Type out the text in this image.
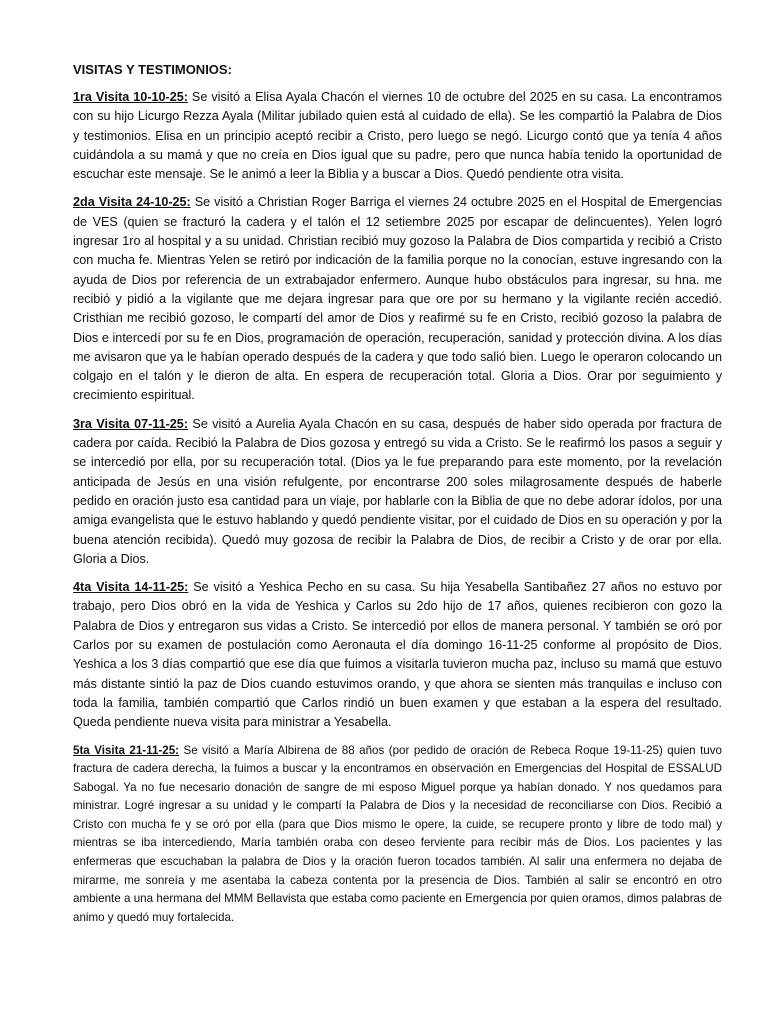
VISITAS Y TESTIMONIOS:

1ra Visita 10-10-25: Se visitó a Elisa Ayala Chacón el viernes 10 de octubre del 2025 en su casa. La encontramos con su hijo Licurgo Rezza Ayala (Militar jubilado quien está al cuidado de ella). Se les compartió la Palabra de Dios y testimonios. Elisa en un principio aceptó recibir a Cristo, pero luego se negó. Licurgo contó que ya tenía 4 años cuidándola a su mamá y que no creía en Dios igual que su padre, pero que nunca había tenido la oportunidad de escuchar este mensaje. Se le animó a leer la Biblia y a buscar a Dios. Quedó pendiente otra visita.

2da Visita 24-10-25: Se visitó a Christian Roger Barriga el viernes 24 octubre 2025 en el Hospital de Emergencias de VES (quien se fracturó la cadera y el talón el 12 setiembre 2025 por escapar de delincuentes). Yelen logró ingresar 1ro al hospital y a su unidad. Christian recibió muy gozoso la Palabra de Dios compartida y recibió a Cristo con mucha fe. Mientras Yelen se retiró por indicación de la familia porque no la conocían, estuve ingresando con la ayuda de Dios por referencia de un extrabajador enfermero. Aunque hubo obstáculos para ingresar, su hna. me recibió y pidió a la vigilante que me dejara ingresar para que ore por su hermano y la vigilante recién accedió. Cristhian me recibió gozoso, le compartí del amor de Dios y reafirmé su fe en Cristo, recibió gozoso la palabra de Dios e intercedí por su fe en Dios, programación de operación, recuperación, sanidad y protección divina. A los días me avisaron que ya le habían operado después de la cadera y que todo salió bien. Luego le operaron colocando un colgajo en el talón y le dieron de alta. En espera de recuperación total. Gloria a Dios. Orar por seguimiento y crecimiento espiritual.

3ra Visita 07-11-25: Se visitó a Aurelia Ayala Chacón en su casa, después de haber sido operada por fractura de cadera por caída. Recibió la Palabra de Dios gozosa y entregó su vida a Cristo. Se le reafirmó los pasos a seguir y se intercedió por ella, por su recuperación total. (Dios ya le fue preparando para este momento, por la revelación anticipada de Jesús en una visión refulgente, por encontrarse 200 soles milagrosamente después de haberle pedido en oración justo esa cantidad para un viaje, por hablarle con la Biblia de que no debe adorar ídolos, por una amiga evangelista que le estuvo hablando y quedó pendiente visitar, por el cuidado de Dios en su operación y por la buena atención recibida). Quedó muy gozosa de recibir la Palabra de Dios, de recibir a Cristo y de orar por ella. Gloria a Dios.

4ta Visita 14-11-25: Se visitó a Yeshica Pecho en su casa. Su hija Yesabella Santibañez 27 años no estuvo por trabajo, pero Dios obró en la vida de Yeshica y Carlos su 2do hijo de 17 años, quienes recibieron con gozo la Palabra de Dios y entregaron sus vidas a Cristo. Se intercedió por ellos de manera personal. Y también se oró por Carlos por su examen de postulación como Aeronauta el día domingo 16-11-25 conforme al propósito de Dios. Yeshica a los 3 días compartió que ese día que fuimos a visitarla tuvieron mucha paz, incluso su mamá que estuvo más distante sintió la paz de Dios cuando estuvimos orando, y que ahora se sienten más tranquilas e incluso con toda la familia, también compartió que Carlos rindió un buen examen y que estaban a la espera del resultado. Queda pendiente nueva visita para ministrar a Yesabella.

5ta Visita 21-11-25: Se visitó a María Albirena de 88 años (por pedido de oración de Rebeca Roque 19-11-25) quien tuvo fractura de cadera derecha, la fuimos a buscar y la encontramos en observación en Emergencias del Hospital de ESSALUD Sabogal. Ya no fue necesario donación de sangre de mi esposo Miguel porque ya habían donado. Y nos quedamos para ministrar. Logré ingresar a su unidad y le compartí la Palabra de Dios y la necesidad de reconciliarse con Dios. Recibió a Cristo con mucha fe y se oró por ella (para que Dios mismo le opere, la cuide, se recupere pronto y libre de todo mal) y mientras se iba intercediendo, María también oraba con deseo ferviente para recibir más de Dios. Los pacientes y las enfermeras que escuchaban la palabra de Dios y la oración fueron tocados también. Al salir una enfermera no dejaba de mirarme, me sonreía y me asentaba la cabeza contenta por la presencia de Dios. También al salir se encontró en otro ambiente a una hermana del MMM Bellavista que estaba como paciente en Emergencia por quien oramos, dimos palabras de animo y quedó muy fortalecida.
